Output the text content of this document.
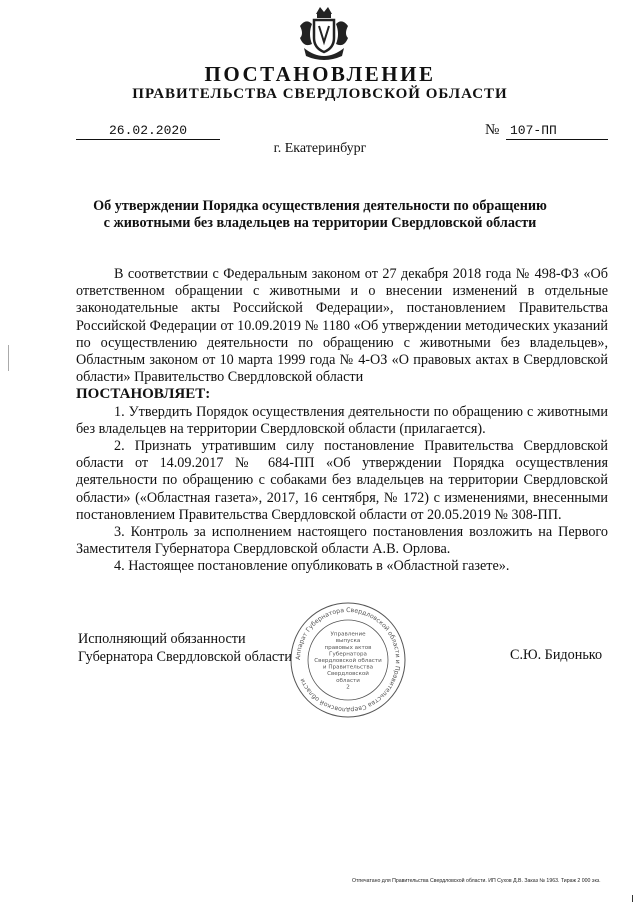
ПОСТАНОВЛЕНИЕ
ПРАВИТЕЛЬСТВА СВЕРДЛОВСКОЙ ОБЛАСТИ
26.02.2020	№ 107-ПП
г. Екатеринбург
Об утверждении Порядка осуществления деятельности по обращению
с животными без владельцев на территории Свердловской области

В соответствии с Федеральным законом от 27 декабря 2018 года № 498-ФЗ «Об ответственном обращении с животными и о внесении изменений в отдельные законодательные акты Российской Федерации», постановлением Правительства Российской Федерации от 10.09.2019 № 1180 «Об утверждении методических указаний по осуществлению деятельности по обращению с животными без владельцев», Областным законом от 10 марта 1999 года № 4-ОЗ «О правовых актах в Свердловской области» Правительство Свердловской области

ПОСТАНОВЛЯЕТ:

1. Утвердить Порядок осуществления деятельности по обращению с животными без владельцев на территории Свердловской области (прилагается).

2. Признать утратившим силу постановление Правительства Свердловской области от 14.09.2017 № 684-ПП «Об утверждении Порядка осуществления деятельности по обращению с собаками без владельцев на территории Свердловской области» («Областная газета», 2017, 16 сентября, № 172) с изменениями, внесенными постановлением Правительства Свердловской области от 20.05.2019 № 308-ПП.

3. Контроль за исполнением настоящего постановления возложить на Первого Заместителя Губернатора Свердловской области А.В. Орлова.

4. Настоящее постановление опубликовать в «Областной газете».

Исполняющий обязанности
Губернатора Свердловской области	С.Ю. Бидонько
Аппарат Губернатора Свердловской области и Правительства Свердловской области
Управление
выпуска
правовых актов
Губернатора
Свердловской области
и Правительства
Свердловской
области
2
Отпечатано для Правительства Свердловской области. ИП Сухов Д.В. Заказ № 1963. Тираж 2 000 экз.
